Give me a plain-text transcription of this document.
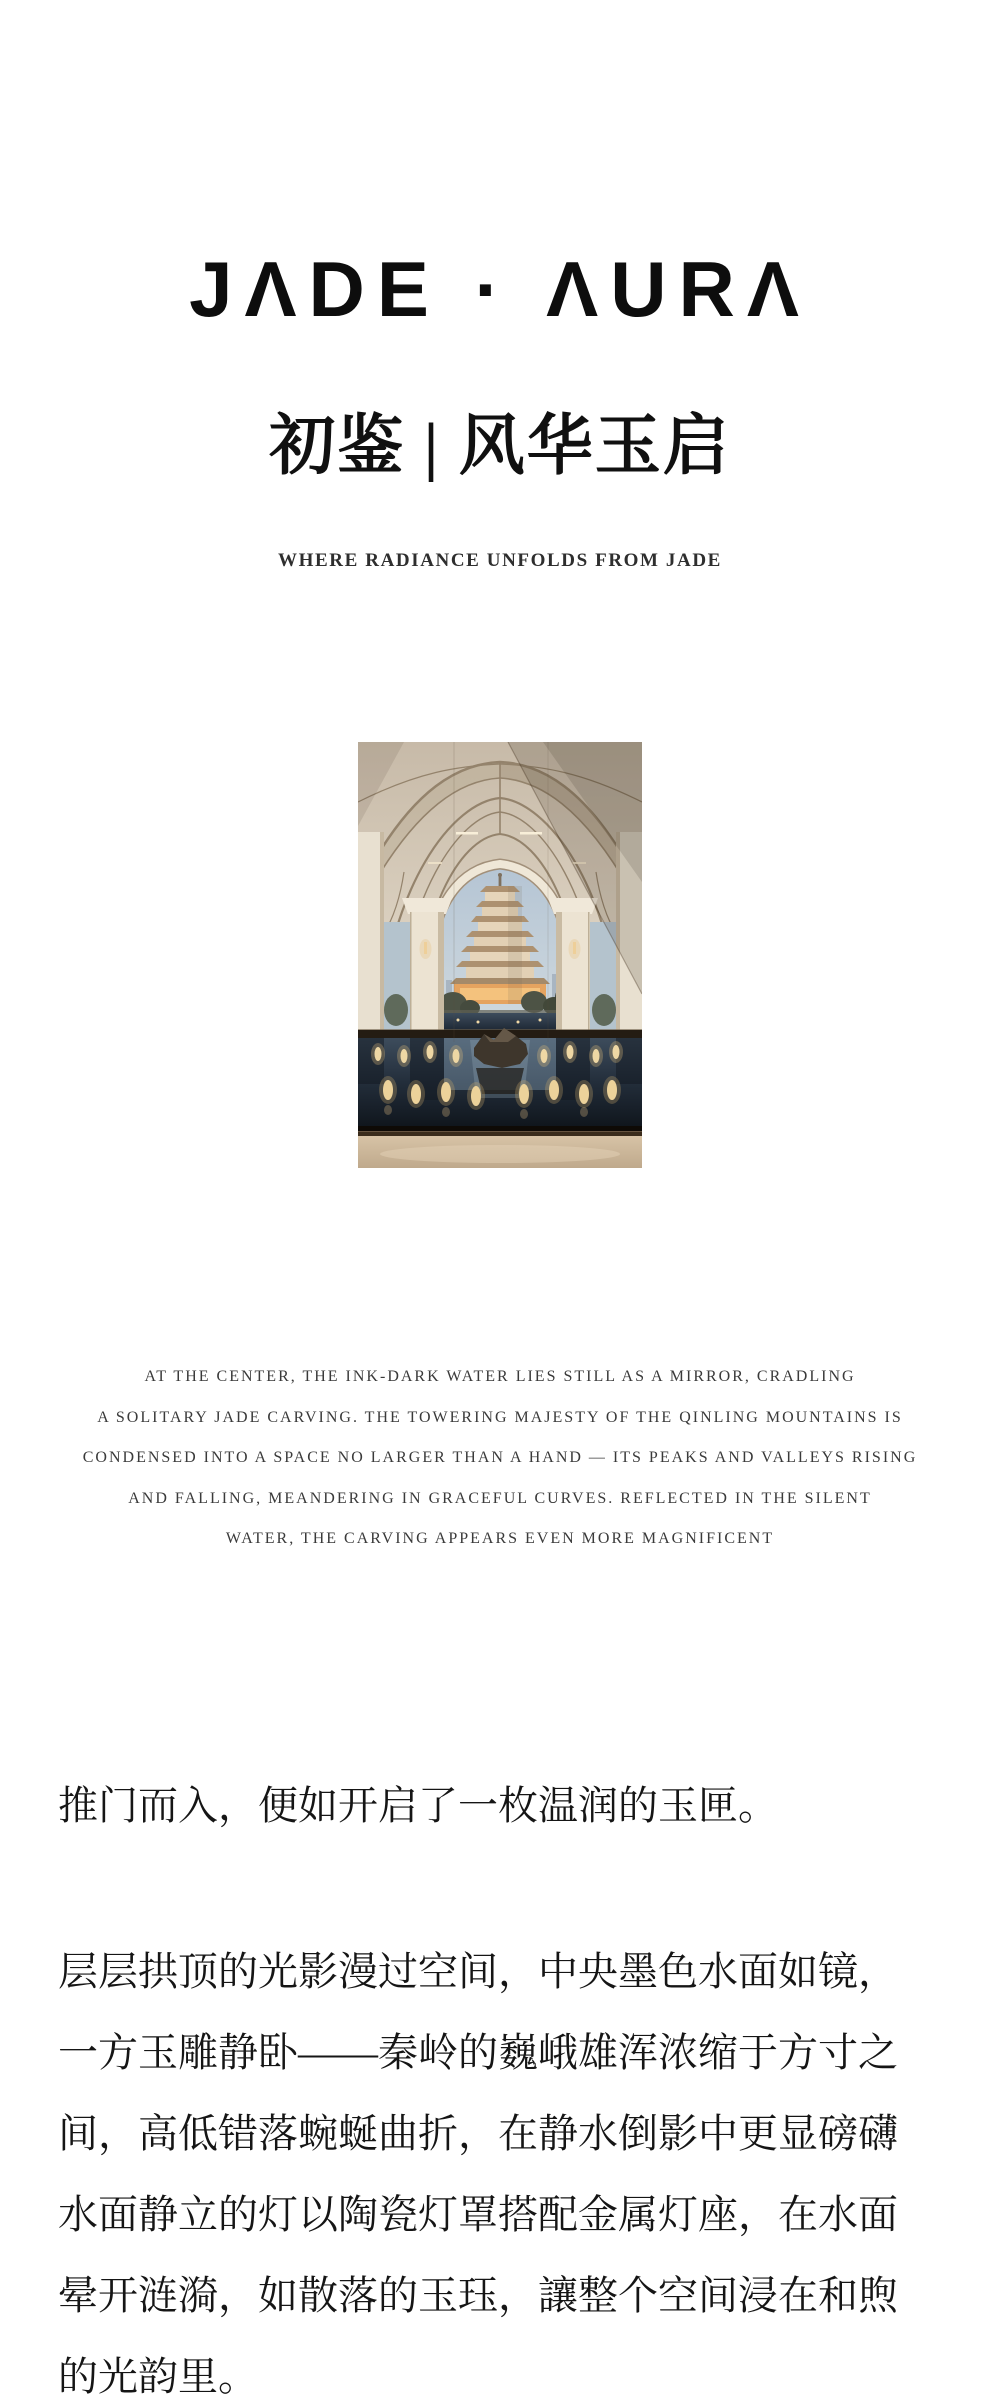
JΛDE · ΛURΛ
初鉴 | 风华玉启
WHERE RADIANCE UNFOLDS FROM JADE
AT THE CENTER, THE INK-DARK WATER LIES STILL AS A MIRROR, CRADLING
A SOLITARY JADE CARVING. THE TOWERING MAJESTY OF THE QINLING MOUNTAINS IS
CONDENSED INTO A SPACE NO LARGER THAN A HAND — ITS PEAKS AND VALLEYS RISING
AND FALLING, MEANDERING IN GRACEFUL CURVES. REFLECTED IN THE SILENT
WATER, THE CARVING APPEARS EVEN MORE MAGNIFICENT

推门而入，便如开启了一枚温润的玉匣。

层层拱顶的光影漫过空间，中央墨色水面如镜，
一方玉雕静卧——秦岭的巍峨雄浑浓缩于方寸之
间，高低错落蜿蜒曲折，在静水倒影中更显磅礴
水面静立的灯以陶瓷灯罩搭配金属灯座，在水面
晕开涟漪，如散落的玉珏，讓整个空间浸在和煦
的光韵里。
